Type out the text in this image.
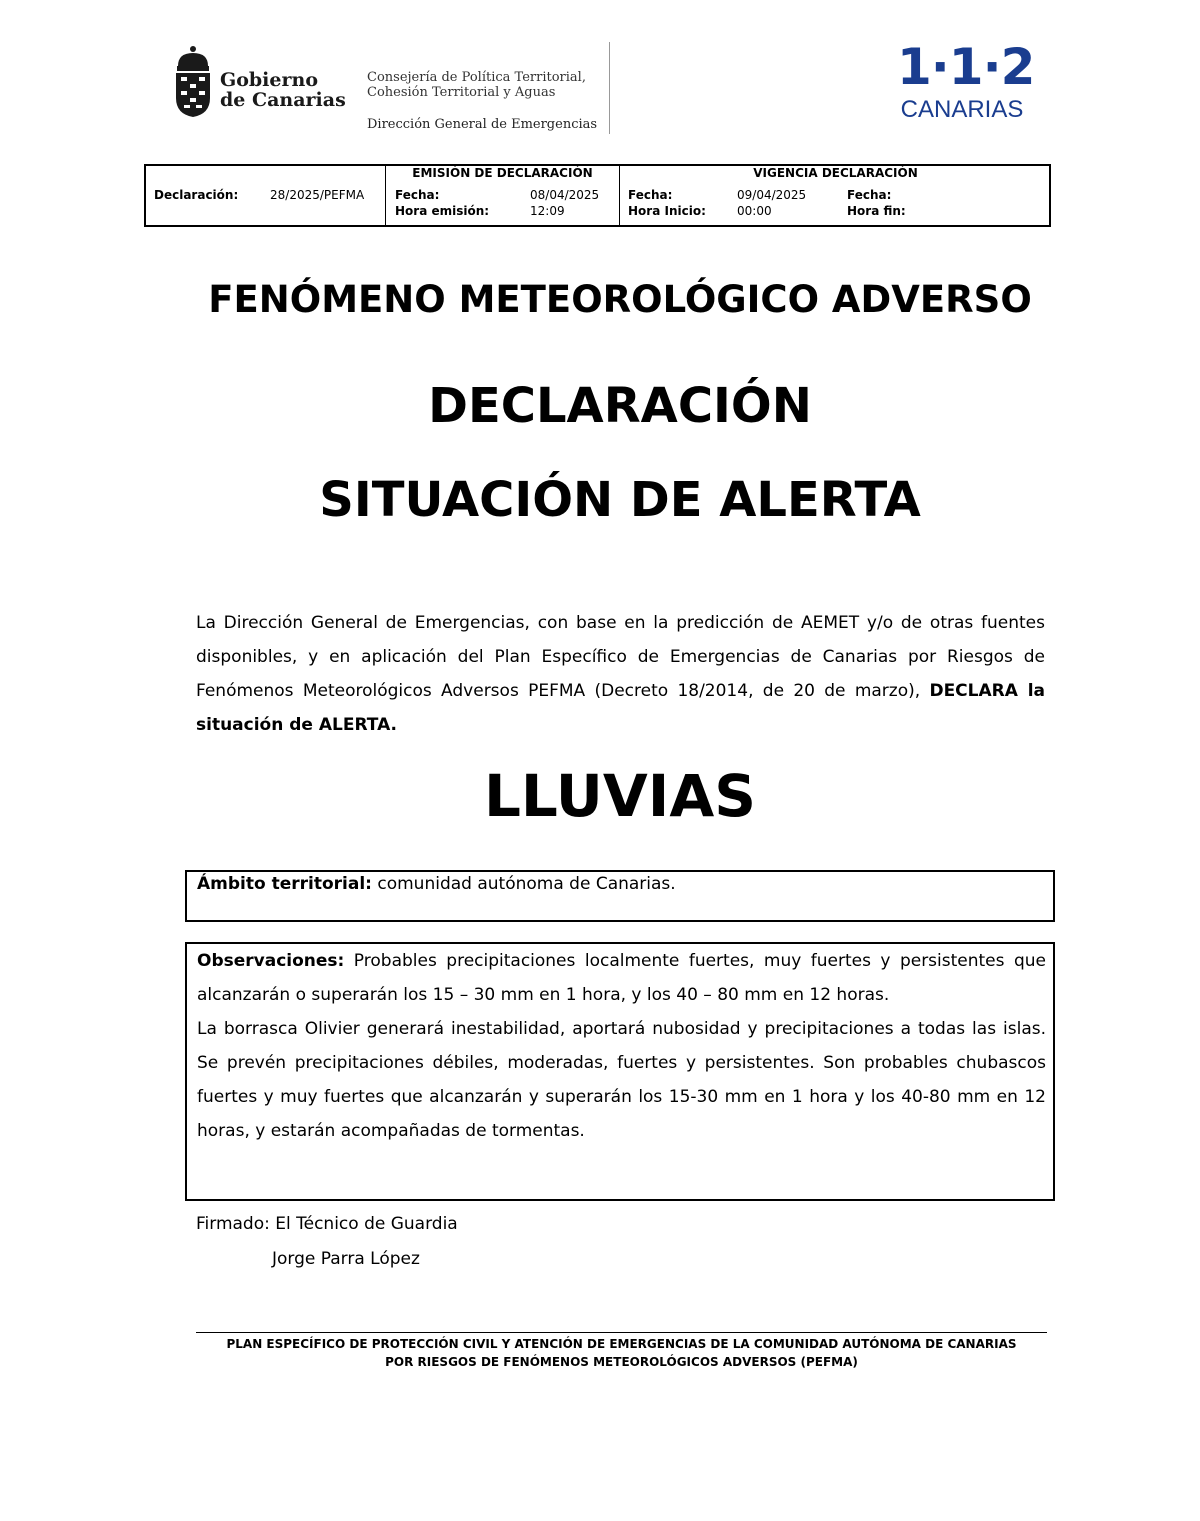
Gobierno
de Canarias
Consejería de Política Territorial,
Cohesión Territorial y Aguas
Dirección General de Emergencias
1·1·2
CANARIAS
Declaración:	28/2025/PEFMA
EMISIÓN DE DECLARACIÓN
Fecha:	08/04/2025
Hora emisión:	12:09
VIGENCIA DECLARACIÓN
Fecha:	09/04/2025
Hora Inicio:	00:00
Fecha:
Hora fin:
FENÓMENO METEOROLÓGICO ADVERSO
DECLARACIÓN
SITUACIÓN DE ALERTA
La Dirección General de Emergencias, con base en la predicción de AEMET y/o de otras fuentes disponibles, y en aplicación del Plan Específico de Emergencias de Canarias por Riesgos de Fenómenos Meteorológicos Adversos PEFMA (Decreto 18/2014, de 20 de marzo), DECLARA la situación de ALERTA.
LLUVIAS
Ámbito territorial: comunidad autónoma de Canarias.
Observaciones: Probables precipitaciones localmente fuertes, muy fuertes y persistentes que alcanzarán o superarán los 15 – 30 mm en 1 hora, y los 40 – 80 mm en 12 horas.
La borrasca Olivier generará inestabilidad, aportará nubosidad y precipitaciones a todas las islas. Se prevén precipitaciones débiles, moderadas, fuertes y persistentes. Son probables chubascos fuertes y muy fuertes que alcanzarán y superarán los 15-30 mm en 1 hora y los 40-80 mm en 12 horas, y estarán acompañadas de tormentas.
Firmado: El Técnico de Guardia
Jorge Parra López
PLAN ESPECÍFICO DE PROTECCIÓN CIVIL Y ATENCIÓN DE EMERGENCIAS DE LA COMUNIDAD AUTÓNOMA DE CANARIAS
POR RIESGOS DE FENÓMENOS METEOROLÓGICOS ADVERSOS (PEFMA)
